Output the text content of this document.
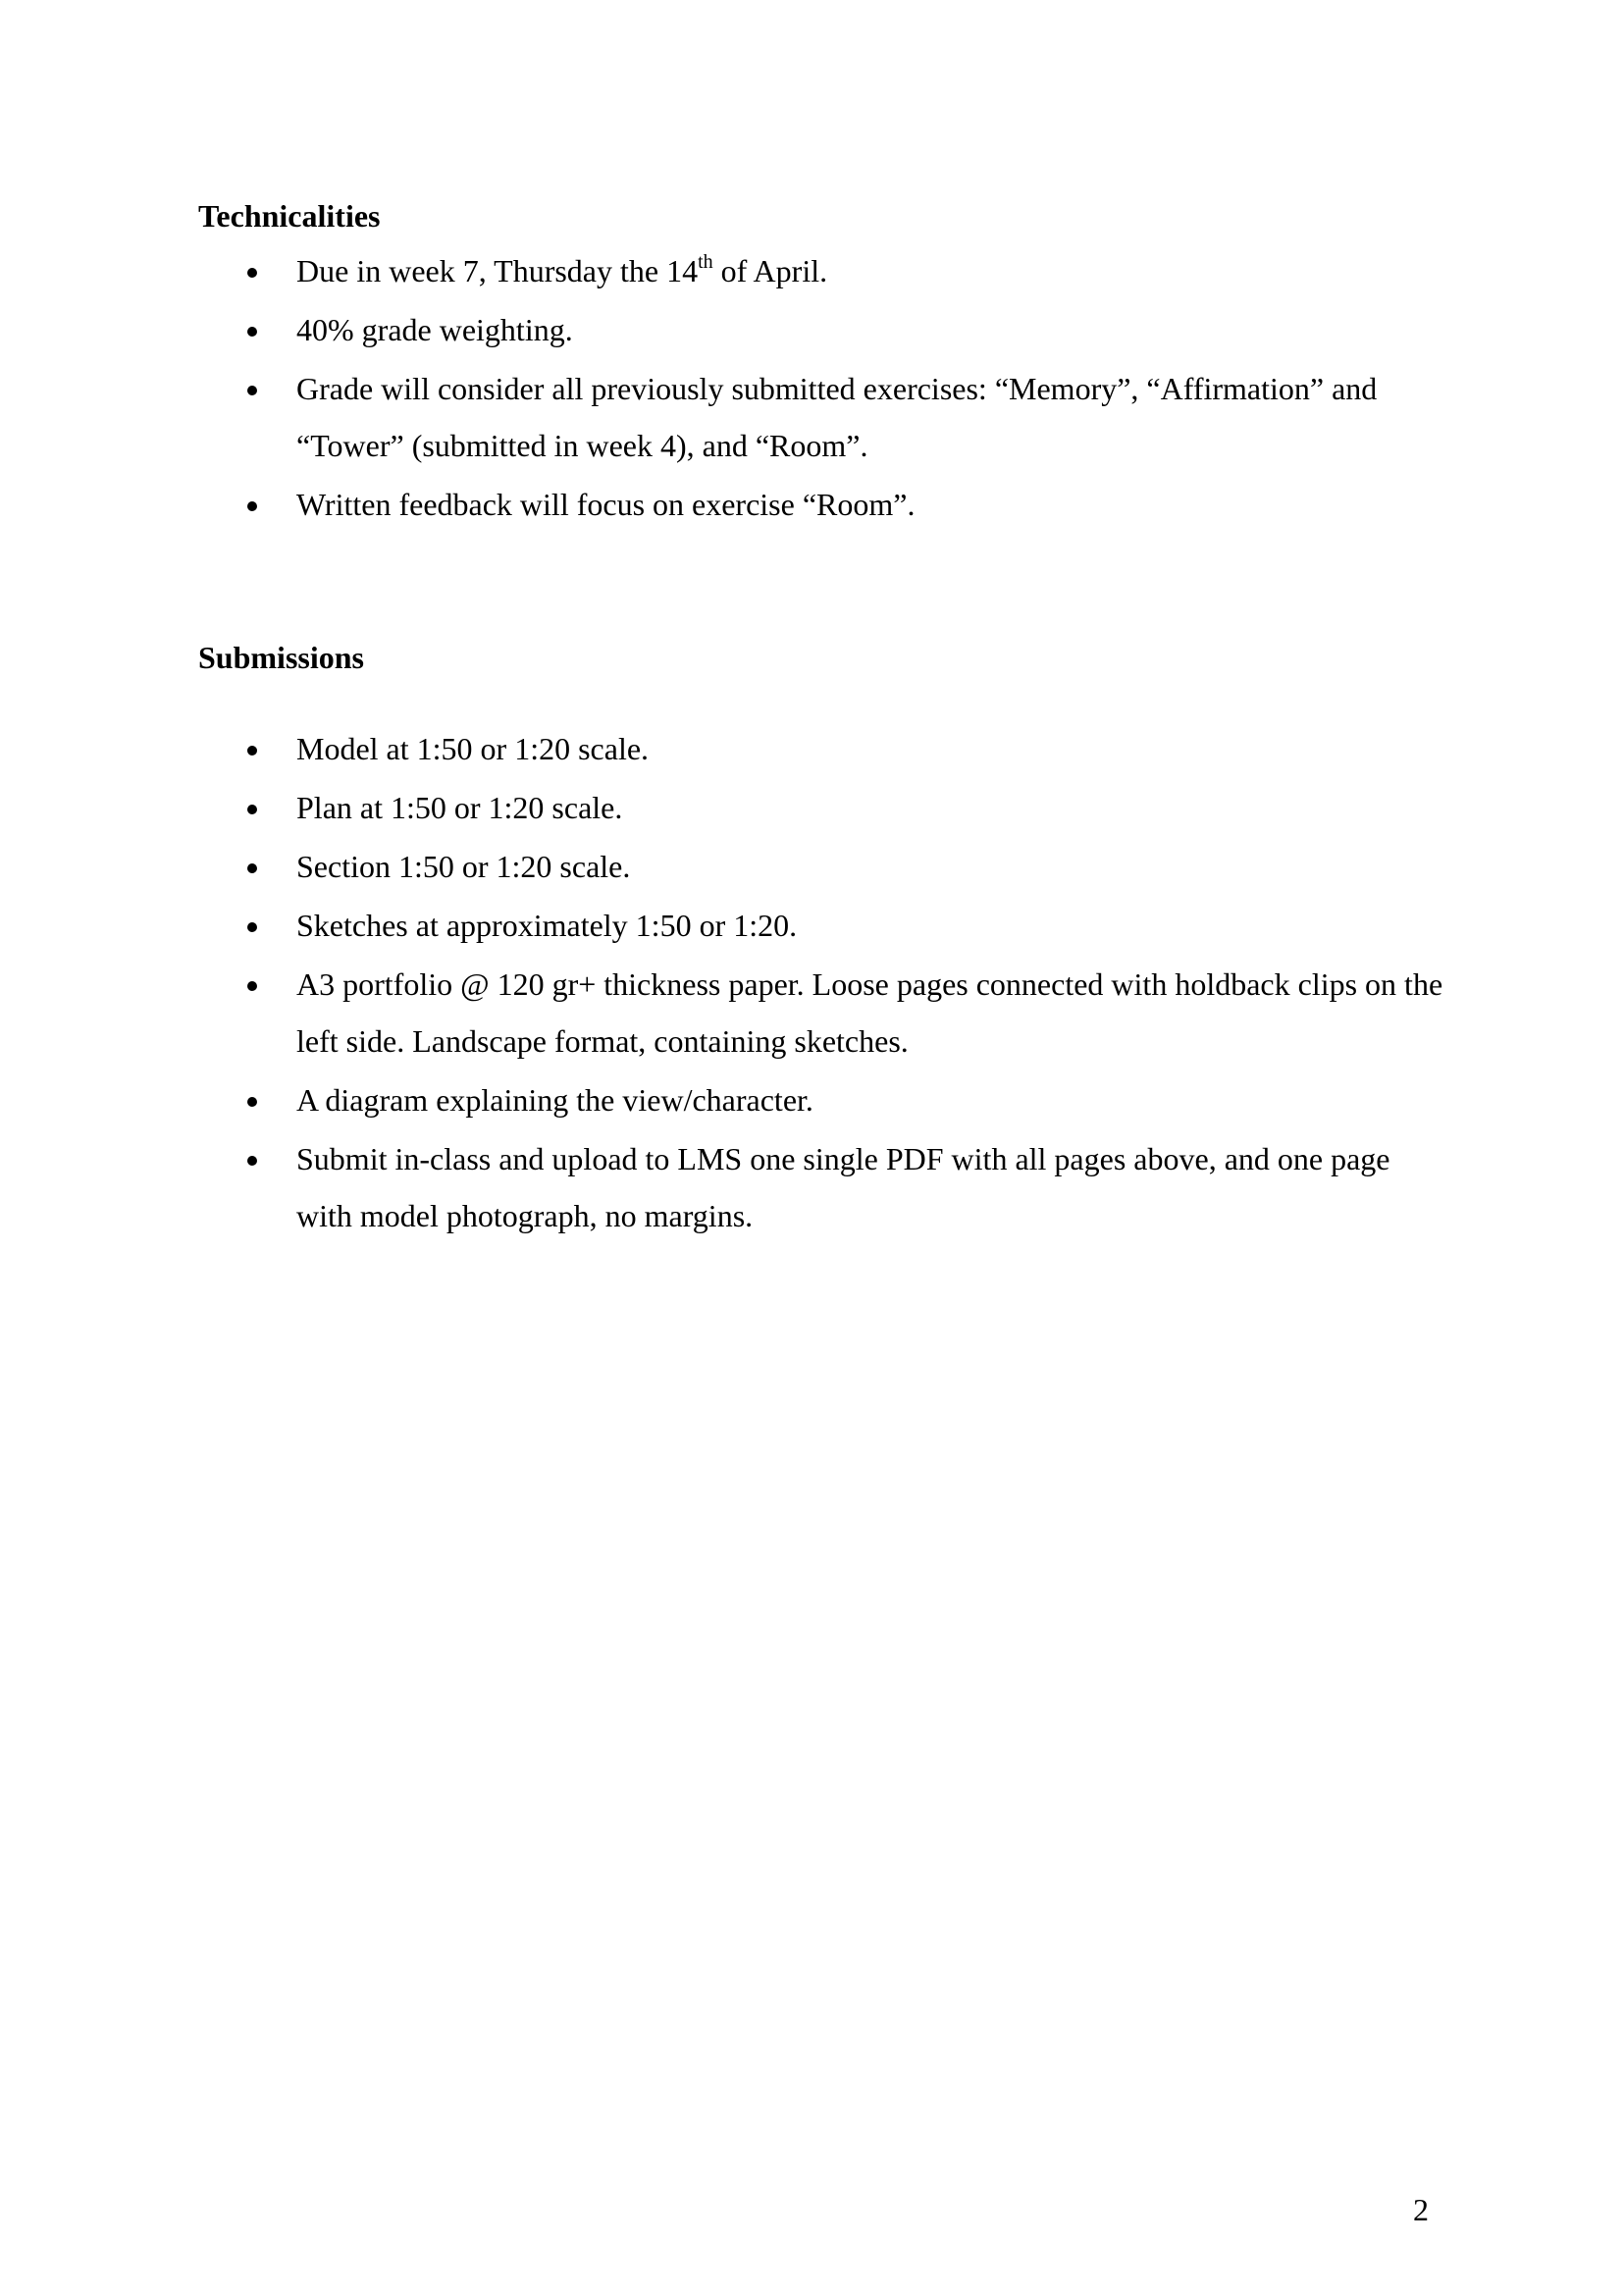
Technicalities
Due in week 7, Thursday the 14th of April.
40% grade weighting.
Grade will consider all previously submitted exercises: “Memory”, “Affirmation” and “Tower” (submitted in week 4), and “Room”.
Written feedback will focus on exercise “Room”.
Submissions
Model at 1:50 or 1:20 scale.
Plan at 1:50 or 1:20 scale.
Section 1:50 or 1:20 scale.
Sketches at approximately 1:50 or 1:20.
A3 portfolio @ 120 gr+ thickness paper. Loose pages connected with holdback clips on the left side. Landscape format, containing sketches.
A diagram explaining the view/character.
Submit in-class and upload to LMS one single PDF with all pages above, and one page with model photograph, no margins.
2
